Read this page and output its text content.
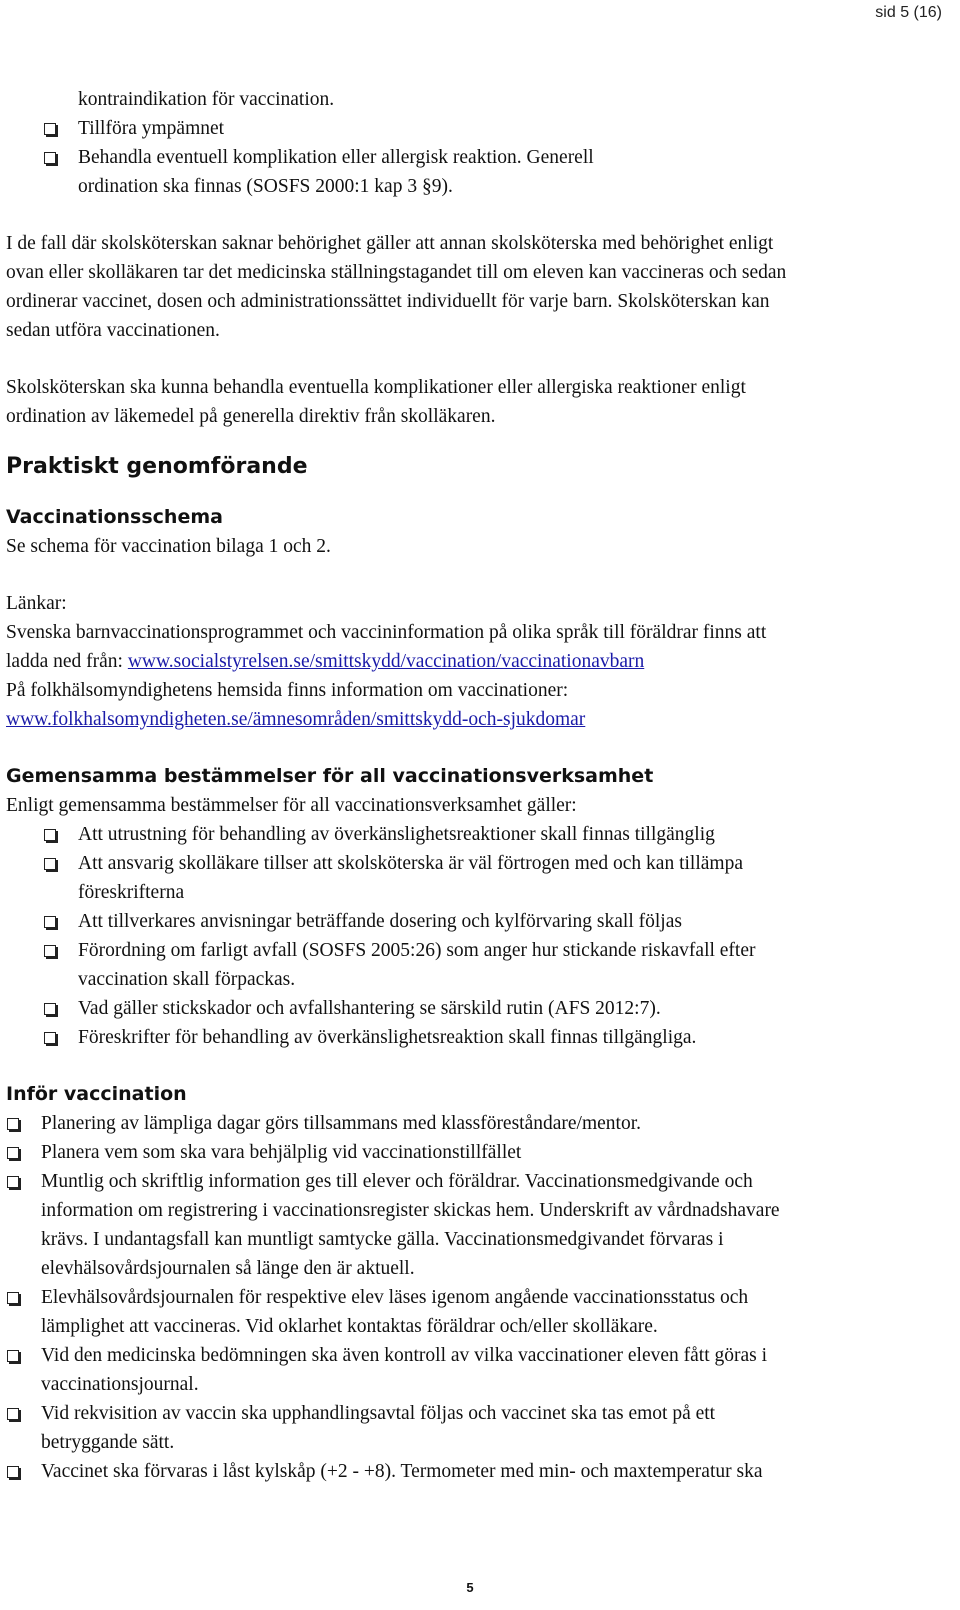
sid 5 (16)
kontraindikation för vaccination.
Tillföra ympämnet
Behandla eventuell komplikation eller allergisk reaktion. Generell
ordination ska finnas (SOSFS 2000:1 kap 3 §9).
I de fall där skolsköterskan saknar behörighet gäller att annan skolsköterska med behörighet enligt
ovan eller skolläkaren tar det medicinska ställningstagandet till om eleven kan vaccineras och sedan
ordinerar vaccinet, dosen och administrationssättet individuellt för varje barn. Skolsköterskan kan
sedan utföra vaccinationen.
Skolsköterskan ska kunna behandla eventuella komplikationer eller allergiska reaktioner enligt
ordination av läkemedel på generella direktiv från skolläkaren.
Praktiskt genomförande
Vaccinationsschema
Se schema för vaccination bilaga 1 och 2.
Länkar:
Svenska barnvaccinationsprogrammet och vaccininformation på olika språk till föräldrar finns att
ladda ned från: www.socialstyrelsen.se/smittskydd/vaccination/vaccinationavbarn
På folkhälsomyndighetens hemsida finns information om vaccinationer:
www.folkhalsomyndigheten.se/ämnesområden/smittskydd-och-sjukdomar
Gemensamma bestämmelser för all vaccinationsverksamhet
Enligt gemensamma bestämmelser för all vaccinationsverksamhet gäller:
Att utrustning för behandling av överkänslighetsreaktioner skall finnas tillgänglig
Att ansvarig skolläkare tillser att skolsköterska är väl förtrogen med och kan tillämpa
föreskrifterna
Att tillverkares anvisningar beträffande dosering och kylförvaring skall följas
Förordning om farligt avfall (SOSFS 2005:26) som anger hur stickande riskavfall efter
vaccination skall förpackas.
Vad gäller stickskador och avfallshantering se särskild rutin (AFS 2012:7).
Föreskrifter för behandling av överkänslighetsreaktion skall finnas tillgängliga.
Inför vaccination
Planering av lämpliga dagar görs tillsammans med klassföreståndare/mentor.
Planera vem som ska vara behjälplig vid vaccinationstillfället
Muntlig och skriftlig information ges till elever och föräldrar. Vaccinationsmedgivande och
information om registrering i vaccinationsregister skickas hem. Underskrift av vårdnadshavare
krävs. I undantagsfall kan muntligt samtycke gälla. Vaccinationsmedgivandet förvaras i
elevhälsovårdsjournalen så länge den är aktuell.
Elevhälsovårdsjournalen för respektive elev läses igenom angående vaccinationsstatus och
lämplighet att vaccineras. Vid oklarhet kontaktas föräldrar och/eller skolläkare.
Vid den medicinska bedömningen ska även kontroll av vilka vaccinationer eleven fått göras i
vaccinationsjournal.
Vid rekvisition av vaccin ska upphandlingsavtal följas och vaccinet ska tas emot på ett
betryggande sätt.
Vaccinet ska förvaras i låst kylskåp (+2 - +8). Termometer med min- och maxtemperatur ska
5
